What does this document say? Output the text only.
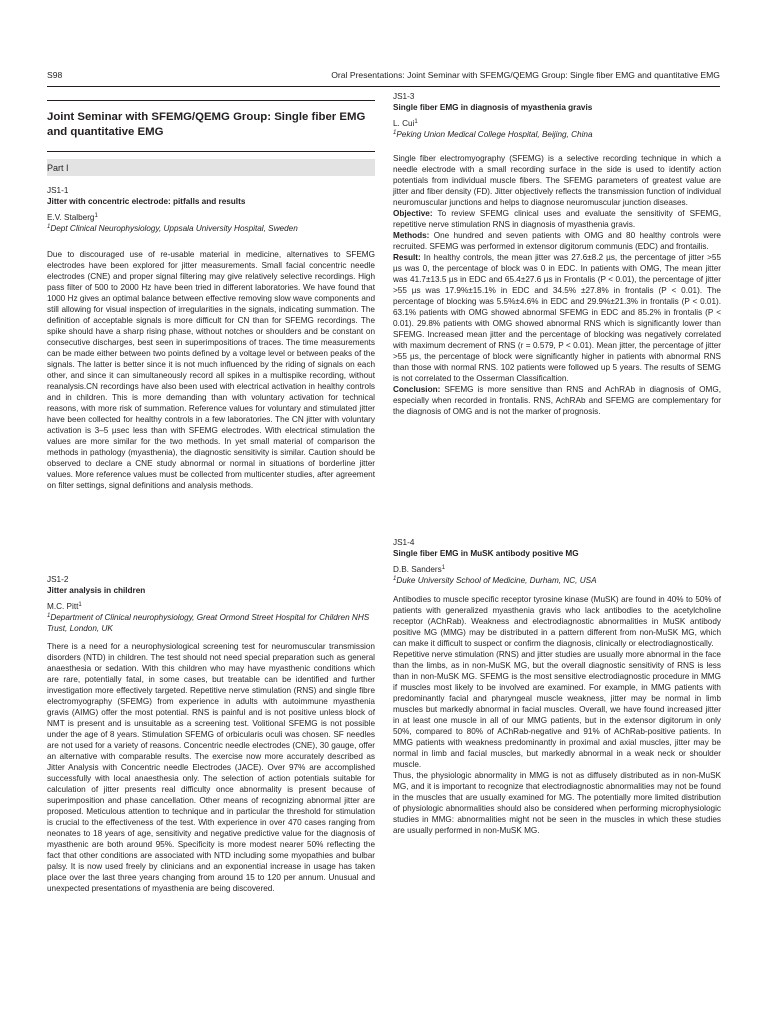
S98	Oral Presentations: Joint Seminar with SFEMG/QEMG Group: Single fiber EMG and quantitative EMG
Joint Seminar with SFEMG/QEMG Group: Single fiber EMG and quantitative EMG
Part I
JS1-1
Jitter with concentric electrode: pitfalls and results
E.V. Stalberg$^1$
$^1$Dept Clinical Neurophysiology, Uppsala University Hospital, Sweden
Due to discouraged use of re-usable material in medicine, alternatives to SFEMG electrodes have been explored for jitter measurements. Small facial concentric needle electrodes (CNE) and proper signal filtering may give relatively selective recordings. High pass filter of 500 to 2000 Hz have been tried in different laboratories. We have found that 1000 Hz gives an optimal balance between effective removing slow wave components and still allowing for visual inspection of irregularities in the signals, indicating summation. The definition of acceptable signals is more difficult for CN than for SFEMG recordings. The spike should have a sharp rising phase, without notches or shoulders and be constant on consecutive discharges, best seen in superimpositions of traces. The time measurements can be made either between two points defined by a voltage level or between peaks of the signals. The latter is better since it is not much influenced by the riding of signals on each other, and since it can simultaneously record all spikes in a multispike recording, without reanalysis.CN recordings have also been used with electrical activation in healthy controls and in children. This is more demanding than with voluntary activation for technical reasons, with more risk of summation. Reference values for voluntary and stimulated jitter have been collected for healthy controls in a few laboratories. The CN jitter with voluntary activation is 3–5 µsec less than with SFEMG electrodes. With electrical stimulation the values are more similar for the two methods. In yet small material of comparison the methods in pathology (myasthenia), the diagnostic sensitivity is similar. Caution should be observed to declare a CNE study abnormal or normal in situations of borderline jitter values. More reference values must be collected from multicenter studies, after agreement on filter settings, signal definitions and analysis methods.
JS1-2
Jitter analysis in children
M.C. Pitt$^1$
$^1$Department of Clinical neurophysiology, Great Ormond Street Hospital for Children NHS Trust, London, UK
There is a need for a neurophysiological screening test for neuromuscular transmission disorders (NTD) in children. The test should not need special preparation such as general anaesthesia or sedation. With this children who may have myasthenic conditions which are rare, potentially fatal, in some cases, but treatable can be identified and further investigation more effectively targeted. Repetitive nerve stimulation (RNS) and single fibre electromyography (SFEMG) from experience in adults with autoimmune myasthenia gravis (AIMG) offer the most potential. RNS is painful and is not positive unless block of NMT is present and is unsuitable as a screening test. Volitional SFEMG is not possible under the age of 8 years. Stimulation SFEMG of orbicularis oculi was chosen. SF needles are not used for a variety of reasons. Concentric needle electrodes (CNE), 30 gauge, offer an alternative with comparable results. The exercise now more accurately described as Jitter Analysis with Concentric needle Electrodes (JACE). Over 97% are accomplished successfully with local anaesthesia only. The selection of action potentials suitable for calculation of jitter presents real difficulty once abnormality is present because of superimposition and phase cancellation. Other means of recognizing abnormal jitter are proposed. Meticulous attention to technique and in particular the threshold for stimulation is crucial to the effectiveness of the test. With experience in over 470 cases ranging from neonates to 18 years of age, sensitivity and negative predictive value for the diagnosis of myasthenic are both around 95%. Specificity is more modest nearer 50% reflecting the fact that other conditions are associated with NTD including some myopathies and bulbar palsy. It is now used freely by clinicians and an exponential increase in usage has taken place over the last three years changing from around 15 to 120 per annum. Unusual and unexpected presentations of myasthenia are being discovered.
JS1-3
Single fiber EMG in diagnosis of myasthenia gravis
L. Cui$^1$
$^1$Peking Union Medical College Hospital, Beijing, China

Single fiber electromyography (SFEMG) is a selective recording technique in which a needle electrode with a small recording surface in the side is used to identify action potentials from individual muscle fibers. The SFEMG parameters of greatest value are jitter and fiber density (FD). Jitter objectively reflects the transmission function of individual neuromuscular junctions and helps to diagnose neuromuscular junction diseases.

Objective: To review SFEMG clinical uses and evaluate the sensitivity of SFEMG, repetitive nerve stimulation RNS in diagnosis of myasthenia gravis.

Methods: One hundred and seven patients with OMG and 80 healthy controls were recruited. SFEMG was performed in extensor digitorum communis (EDC) and frontailis.

Result: In healthy controls, the mean jitter was 27.6±8.2 µs, the percentage of jitter >55 µs was 0, the percentage of block was 0 in EDC. In patients with OMG, The mean jitter was 41.7±13.5 µs in EDC and 65.4±27.6 µs in Frontalis (P < 0.01), the percentage of jitter >55 µs was 17.9%±15.1% in EDC and 34.5% ±27.8% in frontalis (P < 0.01). The percentage of blocking was 5.5%±4.6% in EDC and 29.9%±21.3% in frontalis (P < 0.01). 63.1% patients with OMG showed abnormal SFEMG in EDC and 85.2% in frontalis (P < 0.01). 29.8% patients with OMG showed abnormal RNS which is significantly lower than SFEMG. Increased mean jitter and the percentage of blocking was negatively correlated with maximum decrement of RNS (r = 0.579, P < 0.01). Mean jitter, the percentage of jitter >55 µs, the percentage of block were significantly higher in patients with abnormal RNS than those with normal RNS. 102 patients were followed up 5 years. The results of SEMG is not correlated to the Osserman Classificaltion.

Conclusion: SFEMG is more sensitive than RNS and AchRAb in diagnosis of OMG, especially when recorded in frontalis. RNS, AchRAb and SFEMG are complementary for the diagnosis of OMG and is not the marker of prognosis.

JS1-4
Single fiber EMG in MuSK antibody positive MG
D.B. Sanders$^1$
$^1$Duke University School of Medicine, Durham, NC, USA

Antibodies to muscle specific receptor tyrosine kinase (MuSK) are found in 40% to 50% of patients with generalized myasthenia gravis who lack antibodies to the acetylcholine receptor (AChRab). Weakness and electrodiagnostic abnormalities in MuSK antibody positive MG (MMG) may be distributed in a pattern different from non-MuSK MG, which can make it difficult to suspect or confirm the diagnosis, clinically or electrodiagnostically.

Repetitive nerve stimulation (RNS) and jitter studies are usually more abnormal in the face than the limbs, as in non-MuSK MG, but the overall diagnostic sensitivity of RNS is less than in non-MuSK MG. SFEMG is the most sensitive electrodiagnostic procedure in MMG if muscles most likely to be involved are examined. For example, in MMG patients with predominantly facial and pharyngeal muscle weakness, jitter may be normal in limb muscles but markedly abnormal in facial muscles. Overall, we have found increased jitter in at least one muscle in all of our MMG patients, but in the extensor digitorum in only 50%, compared to 80% of AChRab-negative and 91% of AChRab-positive patients. In MMG patients with weakness predominantly in proximal and axial muscles, jitter may be normal in limb and facial muscles, but markedly abnormal in a weak neck or shoulder muscle.

Thus, the physiologic abnormality in MMG is not as diffusely distributed as in non-MuSK MG, and it is important to recognize that electrodiagnostic abnormalities may not be found in the muscles that are usually examined for MG. The potentially more limited distribution of physiologic abnormalities should also be considered when performing microphysiologic studies in MMG: abnormalities might not be seen in the muscles in which these studies are usually performed in non-MuSK MG.
